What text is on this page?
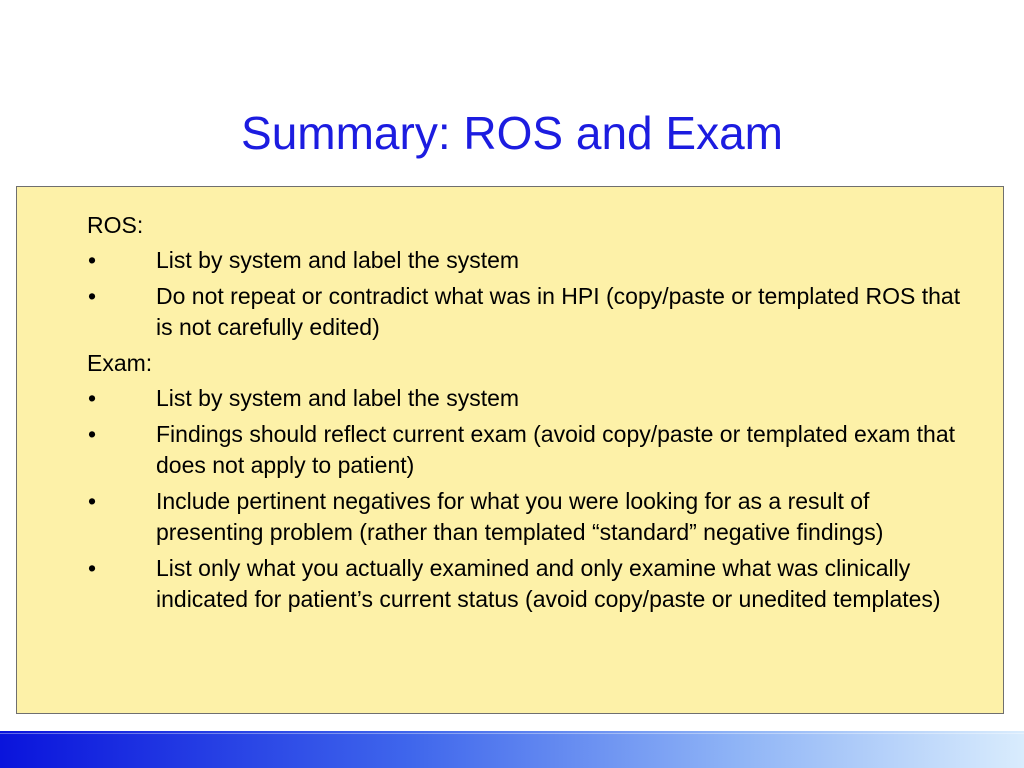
Summary: ROS and Exam
ROS:
•	List by system and label the system
•	Do not repeat or contradict what was in HPI (copy/paste or templated ROS that is not carefully edited)
Exam:
•	List by system and label the system
•	Findings should reflect current exam (avoid copy/paste or templated exam that does not apply to patient)
•	Include pertinent negatives for what you were looking for as a result of presenting problem (rather than templated “standard” negative findings)
•	List only what you actually examined and only examine what was clinically indicated for patient’s current status (avoid copy/paste or unedited templates)
